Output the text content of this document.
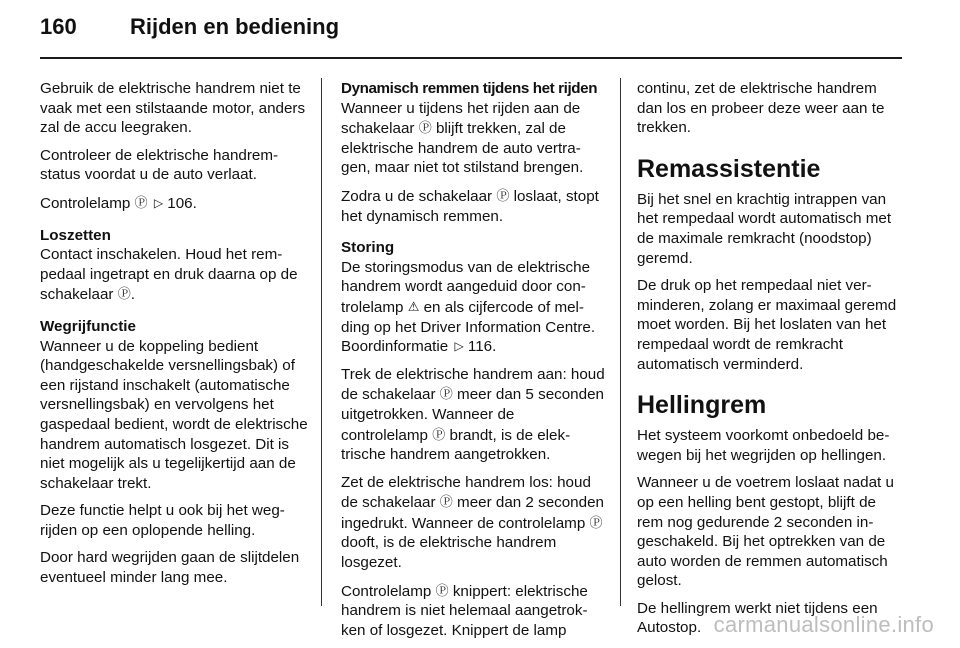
160 Rijden en bediening

Gebruik de elektrische handrem niet te vaak met een stilstaande motor, anders zal de accu leegraken.

Controleer de elektrische handremstatus voordat u de auto verlaat.

Controlelamp Ⓟ ▷ 106.

Loszetten

Contact inschakelen. Houd het rempedaal ingetrapt en druk daarna op de schakelaar Ⓟ.

Wegrijfunctie

Wanneer u de koppeling bedient (handgeschakelde versnellingsbak) of een rijstand inschakelt (automatische versnellingsbak) en vervolgens het gaspedaal bedient, wordt de elektrische handrem automatisch losgezet. Dit is niet mogelijk als u tegelijkertijd aan de schakelaar trekt.

Deze functie helpt u ook bij het wegrijden op een oplopende helling.

Door hard wegrijden gaan de slijtdelen eventueel minder lang mee.

Dynamisch remmen tijdens het rijden

Wanneer u tijdens het rijden aan de schakelaar Ⓟ blijft trekken, zal de elektrische handrem de auto vertragen, maar niet tot stilstand brengen.

Zodra u de schakelaar Ⓟ loslaat, stopt het dynamisch remmen.

Storing

De storingsmodus van de elektrische handrem wordt aangeduid door controlelamp ⚠ en als cijfercode of melding op het Driver Information Centre. Boordinformatie ▷ 116.

Trek de elektrische handrem aan: houd de schakelaar Ⓟ meer dan 5 seconden uitgetrokken. Wanneer de controlelamp Ⓟ brandt, is de elektrische handrem aangetrokken.

Zet de elektrische handrem los: houd de schakelaar Ⓟ meer dan 2 seconden ingedrukt. Wanneer de controlelamp Ⓟ dooft, is de elektrische handrem losgezet.

Controlelamp Ⓟ knippert: elektrische handrem is niet helemaal aangetrokken of losgezet. Knippert de lamp

continu, zet de elektrische handrem dan los en probeer deze weer aan te trekken.

Remassistentie

Bij het snel en krachtig intrappen van het rempedaal wordt automatisch met de maximale remkracht (noodstop) geremd.

De druk op het rempedaal niet verminderen, zolang er maximaal geremd moet worden. Bij het loslaten van het rempedaal wordt de remkracht automatisch verminderd.

Hellingrem

Het systeem voorkomt onbedoeld bewegen bij het wegrijden op hellingen.

Wanneer u de voetrem loslaat nadat u op een helling bent gestopt, blijft de rem nog gedurende 2 seconden ingeschakeld. Bij het optrekken van de auto worden de remmen automatisch gelost.

De hellingrem werkt niet tijdens een Autostop. carmanualsonline.info
